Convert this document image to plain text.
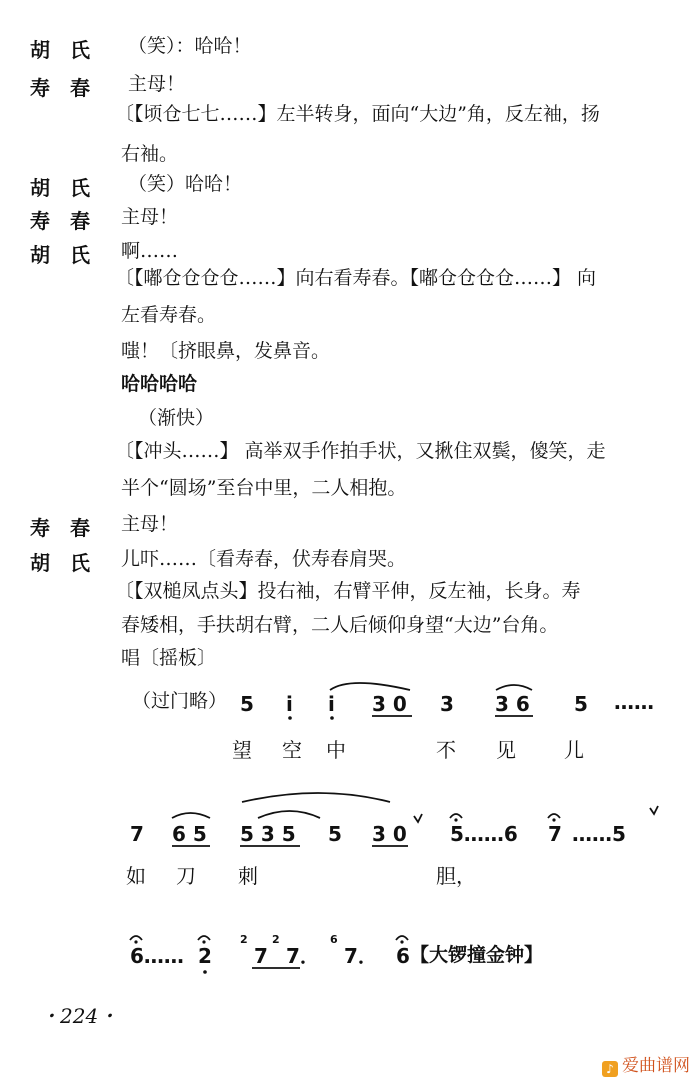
胡　氏 （笑）：哈哈！
寿　春 主母！
〔【顷仓七七……】左半转身，面向“大边”角，反左袖，扬
右袖。
胡　氏 （笑）哈哈！
寿　春 主母！
胡　氏 啊……
〔【嘟仓仓仓仓……】向右看寿春。【嘟仓仓仓仓……】 向
左看寿春。
嗤！〔挤眼鼻，发鼻音。
哈哈哈哈
（渐快）
〔【冲头……】 高举双手作拍手状，又揪住双鬓，傻笑，走
半个“圆场”至台中里，二人相抱。
寿　春 主母！
胡　氏 儿吓……〔看寿春，伏寿春肩哭。
〔【双槌凤点头】投右袖，右臂平伸，反左袖，长身。寿
春矮相，手扶胡右臂，二人后倾仰身望“大边”台角。
唱〔摇板〕
（过门略） 5 i i 3 0 3 3 6 5 ……
望 空 中	不 见 儿
7 6 5 5 3 5 5 3 0 5……6 7 ……5
如 刀 刺	胆，
6…… 2 7 7． 7． 6
2 2	6
【大锣撞金钟】
・224・
♪ 爱曲谱网
